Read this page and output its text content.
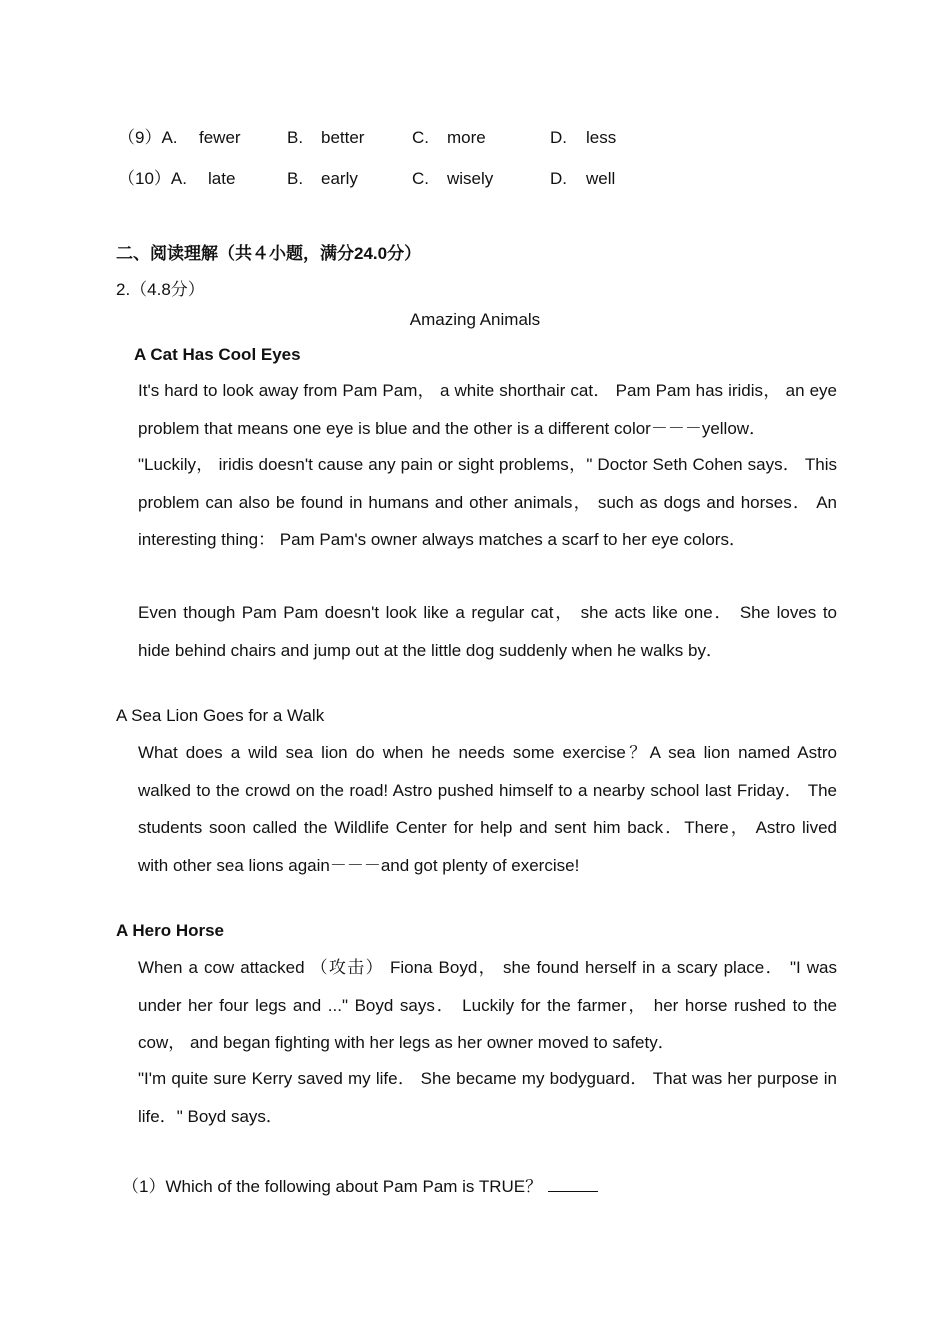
（9）A. fewer	B. better	C. more	D. less
（10）A. late	B. early	C. wisely	D. well
二、阅读理解（共４小题，满分24.0分）
2.（4.8分）
Amazing Animals
A Cat Has Cool Eyes

It's hard to look away from Pam Pam， a white shorthair cat． Pam Pam has iridis， an eye problem that means one eye is blue and the other is a different color－－－yellow．

"Luckily， iridis doesn't cause any pain or sight problems，" Doctor Seth Cohen says． This problem can also be found in humans and other animals， such as dogs and horses． An interesting thing： Pam Pam's owner always matches a scarf to her eye colors．

Even though Pam Pam doesn't look like a regular cat， she acts like one． She loves to hide behind chairs and jump out at the little dog suddenly when he walks by．

A Sea Lion Goes for a Walk

What does a wild sea lion do when he needs some exercise？A sea lion named Astro walked to the crowd on the road! Astro pushed himself to a nearby school last Friday． The students soon called the Wildlife Center for help and sent him back．There， Astro lived with other sea lions again－－－and got plenty of exercise!

A Hero Horse

When a cow attacked （攻击） Fiona Boyd， she found herself in a scary place． "I was under her four legs and ..." Boyd says． Luckily for the farmer， her horse rushed to the cow， and began fighting with her legs as her owner moved to safety．

"I'm quite sure Kerry saved my life． She became my bodyguard． That was her purpose in life．" Boyd says．

（1）Which of the following about Pam Pam is TRUE？
